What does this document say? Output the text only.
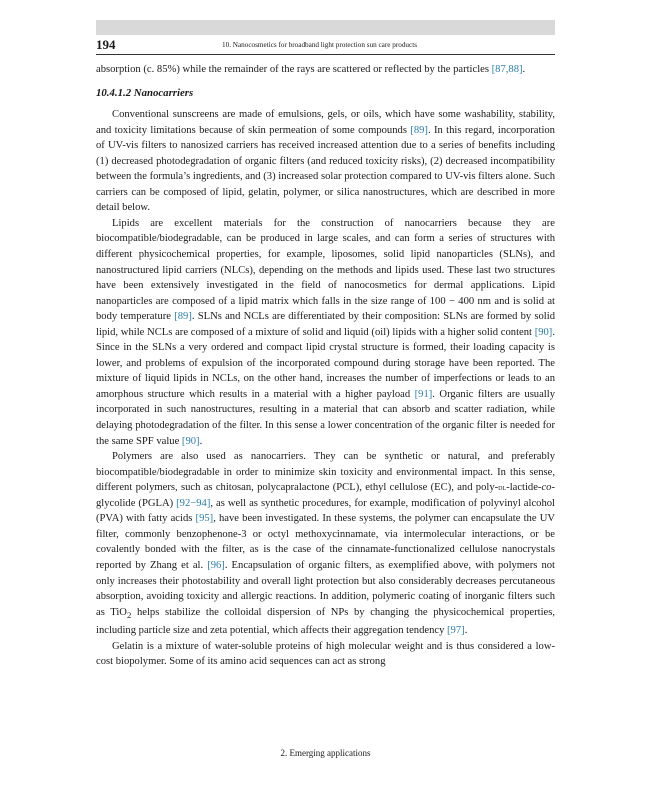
194	10. Nanocosmetics for broadband light protection sun care products

absorption (c. 85%) while the remainder of the rays are scattered or reflected by the particles [87,88].

10.4.1.2 Nanocarriers

Conventional sunscreens are made of emulsions, gels, or oils, which have some washability, stability, and toxicity limitations because of skin permeation of some compounds [89]. In this regard, incorporation of UV-vis filters to nanosized carriers has received increased attention due to a series of benefits including (1) decreased photodegradation of organic filters (and reduced toxicity risks), (2) decreased incompatibility between the formula’s ingredients, and (3) increased solar protection compared to UV-vis filters alone. Such carriers can be composed of lipid, gelatin, polymer, or silica nanostructures, which are described in more detail below.

Lipids are excellent materials for the construction of nanocarriers because they are biocompatible/biodegradable, can be produced in large scales, and can form a series of structures with different physicochemical properties, for example, liposomes, solid lipid nanoparticles (SLNs), and nanostructured lipid carriers (NLCs), depending on the methods and lipids used. These last two structures have been extensively investigated in the field of nanocosmetics for dermal applications. Lipid nanoparticles are composed of a lipid matrix which falls in the size range of 100 − 400 nm and is solid at body temperature [89]. SLNs and NCLs are differentiated by their composition: SLNs are formed by solid lipid, while NCLs are composed of a mixture of solid and liquid (oil) lipids with a higher solid content [90]. Since in the SLNs a very ordered and compact lipid crystal structure is formed, their loading capacity is lower, and problems of expulsion of the incorporated compound during storage have been reported. The mixture of liquid lipids in NCLs, on the other hand, increases the number of imperfections or leads to an amorphous structure which results in a material with a higher payload [91]. Organic filters are usually incorporated in such nanostructures, resulting in a material that can absorb and scatter radiation, while delaying photodegradation of the filter. In this sense a lower concentration of the organic filter is needed for the same SPF value [90].

Polymers are also used as nanocarriers. They can be synthetic or natural, and preferably biocompatible/biodegradable in order to minimize skin toxicity and environmental impact. In this sense, different polymers, such as chitosan, polycapralactone (PCL), ethyl cellulose (EC), and poly-dl-lactide-co-glycolide (PGLA) [92−94], as well as synthetic procedures, for example, modification of polyvinyl alcohol (PVA) with fatty acids [95], have been investigated. In these systems, the polymer can encapsulate the UV filter, commonly benzophenone-3 or octyl methoxycinnamate, via intermolecular interactions, or be covalently bonded with the filter, as is the case of the cinnamate-functionalized cellulose nanocrystals reported by Zhang et al. [96]. Encapsulation of organic filters, as exemplified above, with polymers not only increases their photostability and overall light protection but also considerably decreases percutaneous absorption, avoiding toxicity and allergic reactions. In addition, polymeric coating of inorganic filters such as TiO$_2$ helps stabilize the colloidal dispersion of NPs by changing the physicochemical properties, including particle size and zeta potential, which affects their aggregation tendency [97].

Gelatin is a mixture of water-soluble proteins of high molecular weight and is thus considered a low-cost biopolymer. Some of its amino acid sequences can act as strong

2. Emerging applications
